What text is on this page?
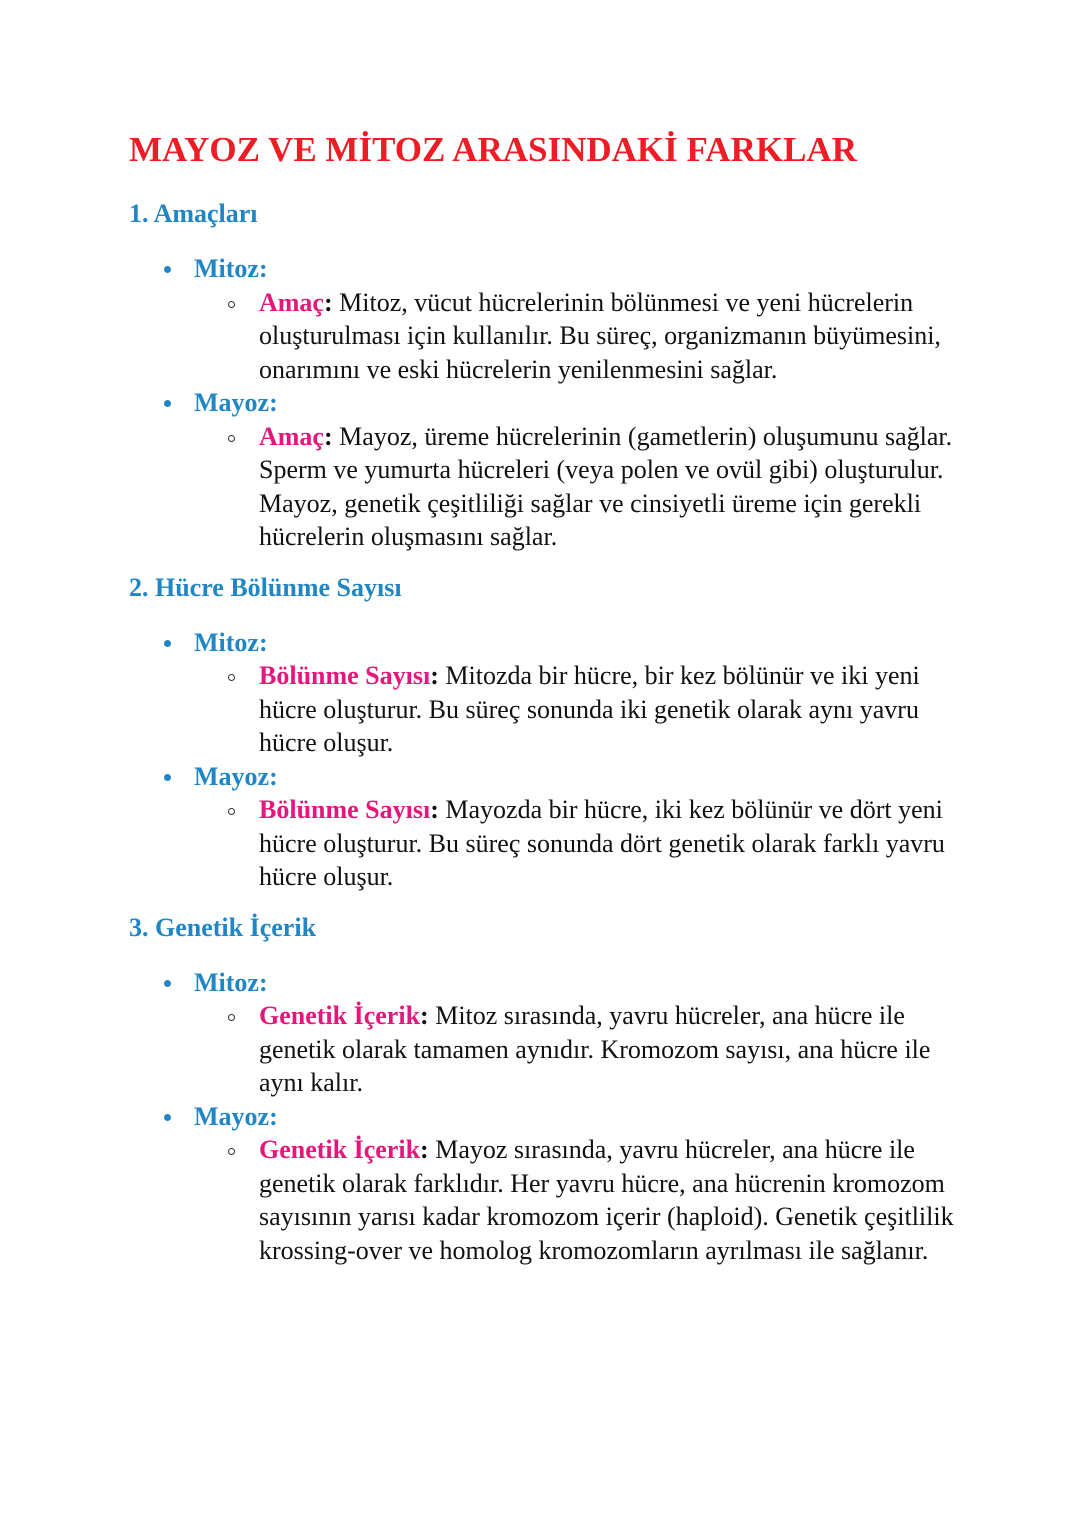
MAYOZ VE MİTOZ ARASINDAKİ FARKLAR
1. Amaçları
Mitoz:
Amaç: Mitoz, vücut hücrelerinin bölünmesi ve yeni hücrelerin oluşturulması için kullanılır. Bu süreç, organizmanın büyümesini, onarımını ve eski hücrelerin yenilenmesini sağlar.
Mayoz:
Amaç: Mayoz, üreme hücrelerinin (gametlerin) oluşumunu sağlar. Sperm ve yumurta hücreleri (veya polen ve ovül gibi) oluşturulur. Mayoz, genetik çeşitliliği sağlar ve cinsiyetli üreme için gerekli hücrelerin oluşmasını sağlar.
2. Hücre Bölünme Sayısı
Mitoz:
Bölünme Sayısı: Mitozda bir hücre, bir kez bölünür ve iki yeni hücre oluşturur. Bu süreç sonunda iki genetik olarak aynı yavru hücre oluşur.
Mayoz:
Bölünme Sayısı: Mayozda bir hücre, iki kez bölünür ve dört yeni hücre oluşturur. Bu süreç sonunda dört genetik olarak farklı yavru hücre oluşur.
3. Genetik İçerik
Mitoz:
Genetik İçerik: Mitoz sırasında, yavru hücreler, ana hücre ile genetik olarak tamamen aynıdır. Kromozom sayısı, ana hücre ile aynı kalır.
Mayoz:
Genetik İçerik: Mayoz sırasında, yavru hücreler, ana hücre ile genetik olarak farklıdır. Her yavru hücre, ana hücrenin kromozom sayısının yarısı kadar kromozom içerir (haploid). Genetik çeşitlilik krossing-over ve homolog kromozomların ayrılması ile sağlanır.
